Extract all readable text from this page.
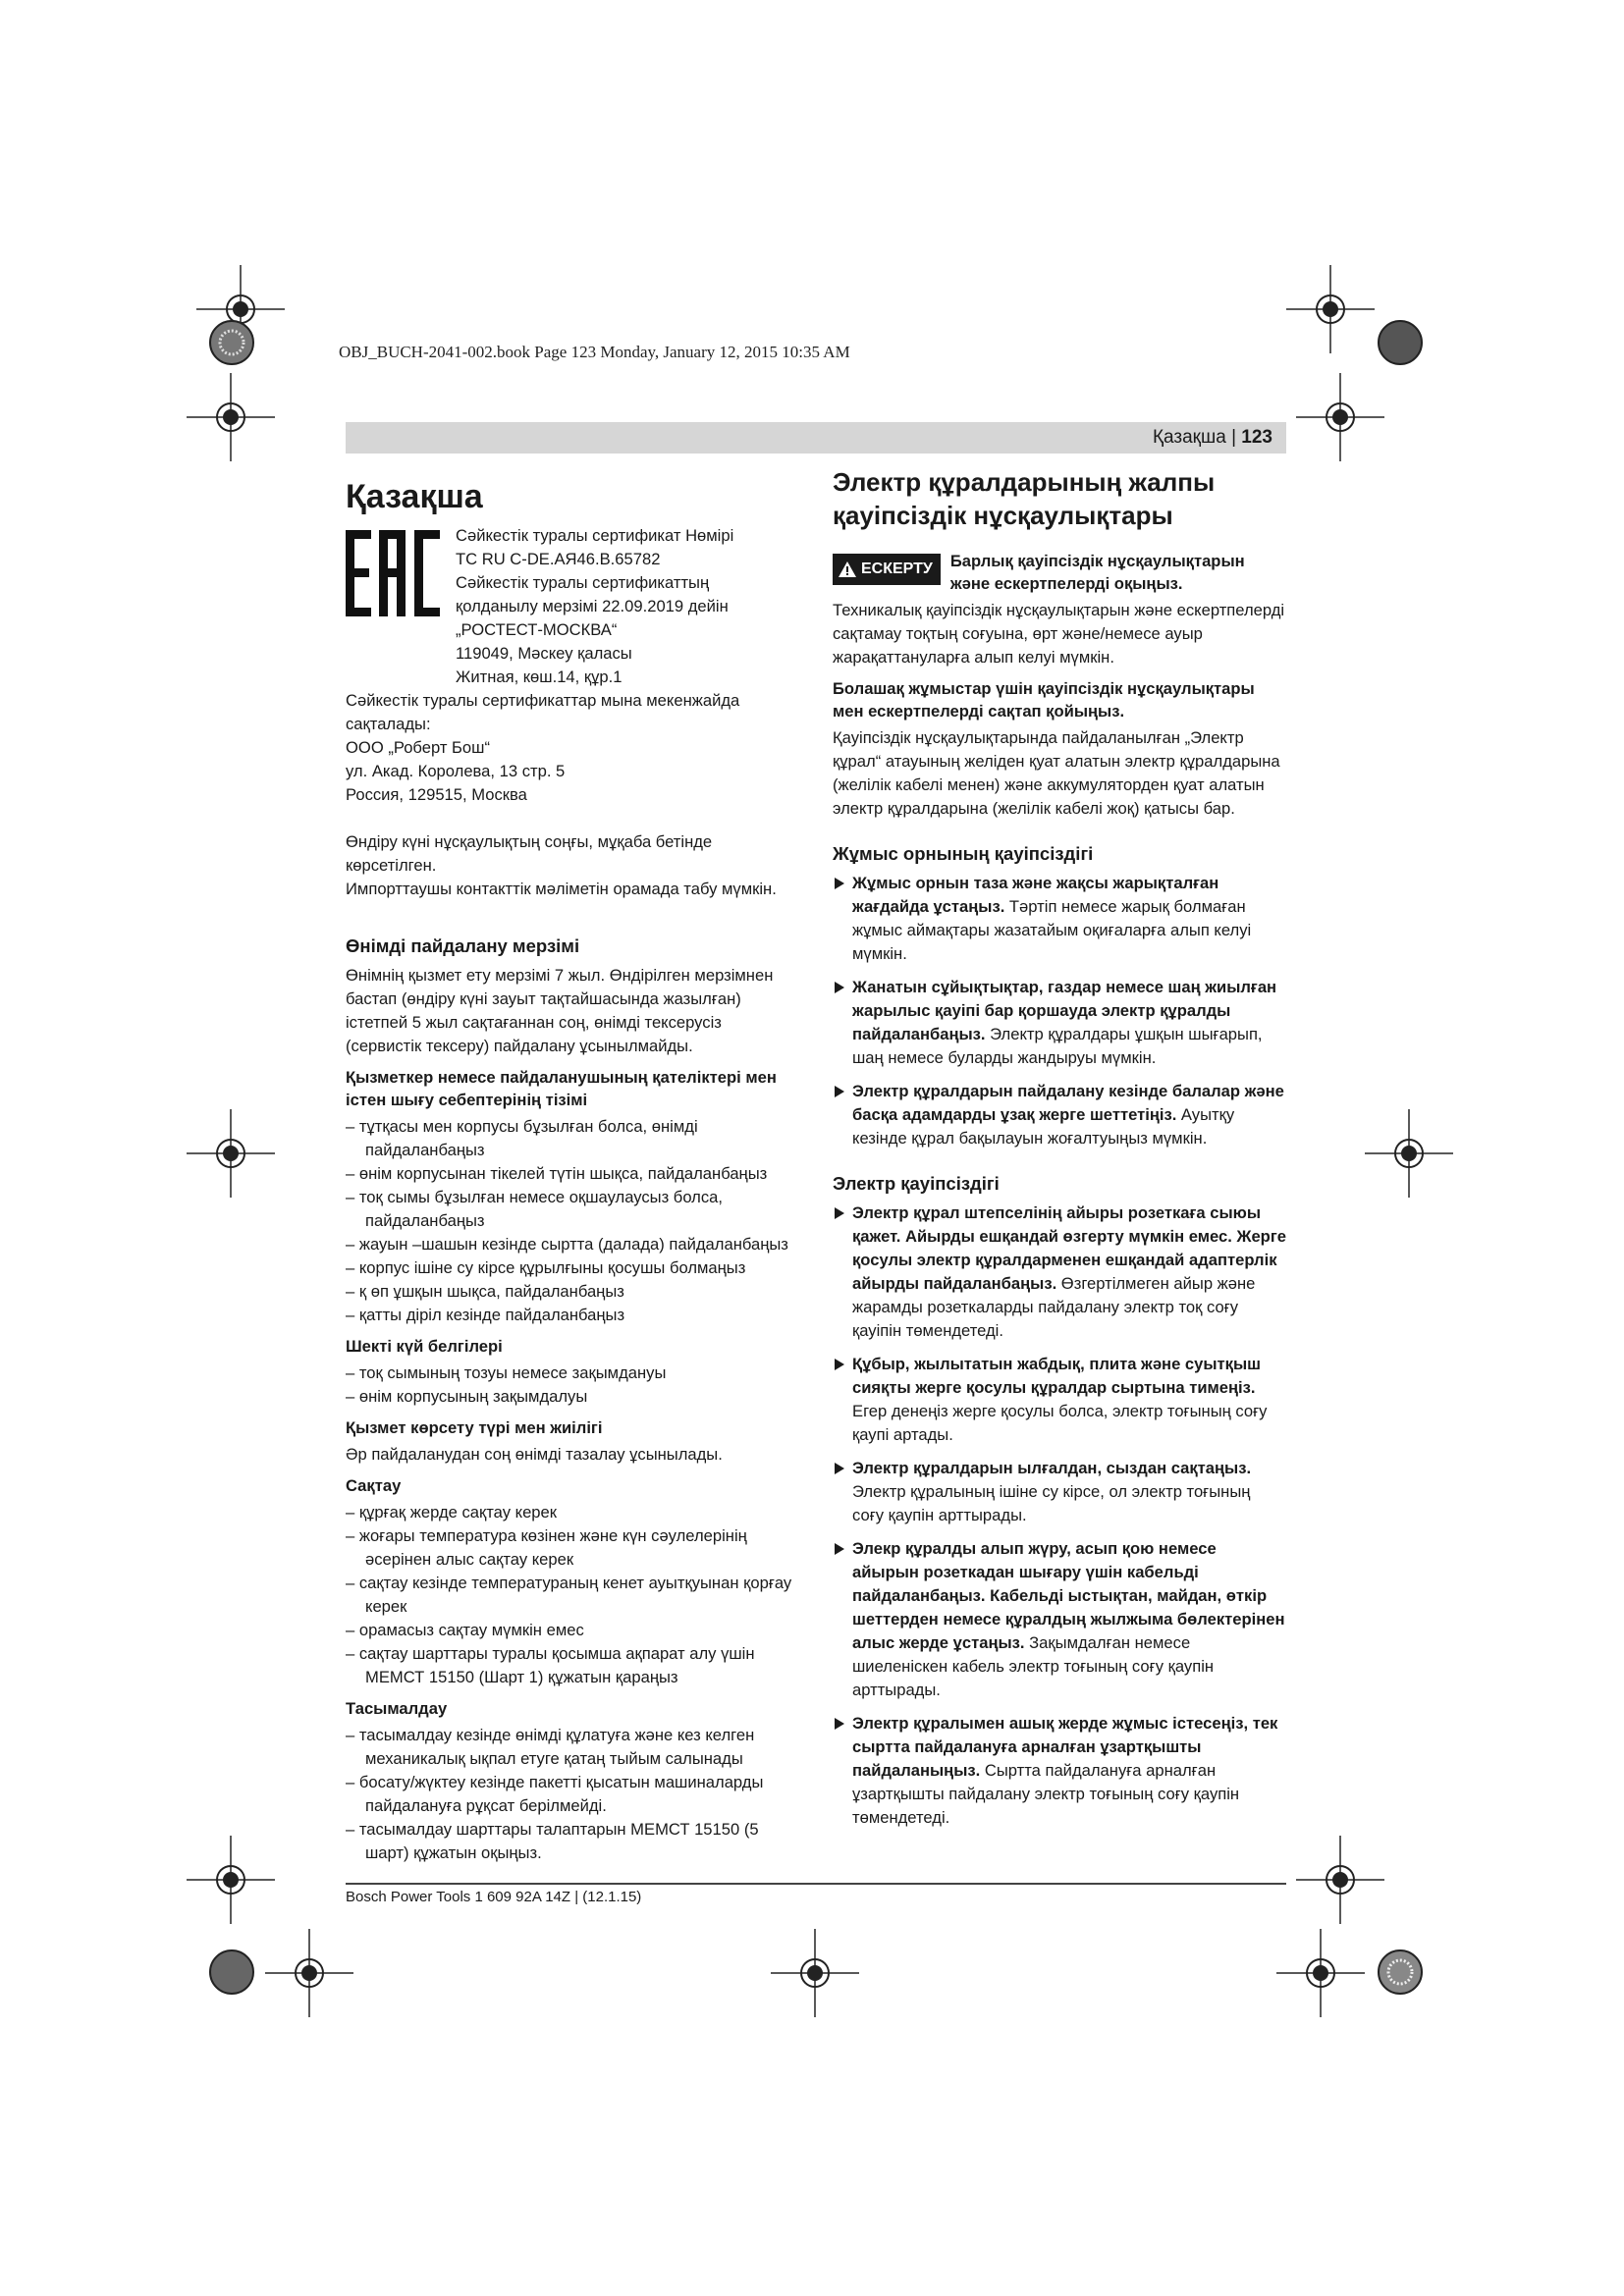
OBJ_BUCH-2041-002.book Page 123 Monday, January 12, 2015 10:35 AM
Қазақша | 123
Қазақша
Сәйкестік туралы сертификат Нөмірі
TC RU C-DE.АЯ46.В.65782
Сәйкестік туралы сертификаттың қолданылу мерзімі 22.09.2019 дейін
„РОСТЕСТ-МОСКВА“
119049, Мәскеу қаласы
Житная, көш.14, құр.1
Сәйкестік туралы сертификаттар мына мекенжайда сақталады:
ООО „Роберт Бош“
ул. Акад. Королева, 13 стр. 5
Россия, 129515, Москва
Өндіру күні нұсқаулықтың соңғы, мұқаба бетінде көрсетілген.
Импорттаушы контакттік мәліметін орамада табу мүмкін.
Өнімді пайдалану мерзімі

Өнімнің қызмет ету мерзімі 7 жыл. Өндірілген мерзімнен бастап (өндіру күні зауыт тақтайшасында жазылған) істетпей 5 жыл сақтағаннан соң, өнімді тексерусіз (сервистік тексеру) пайдалану ұсынылмайды.

Қызметкер немесе пайдаланушының қателіктері мен істен шығу себептерінің тізімі
– тұтқасы мен корпусы бұзылған болса, өнімді пайдаланбаңыз
– өнім корпусынан тікелей түтін шықса, пайдаланбаңыз
– тоқ сымы бұзылған немесе оқшаулаусыз болса, пайдаланбаңыз
– жауын –шашын кезінде сыртта (далада) пайдаланбаңыз
– корпус ішіне су кірсе құрылғыны қосушы болмаңыз
– қ өп ұшқын шықса, пайдаланбаңыз
– қатты діріл кезінде пайдаланбаңыз
Шекті күй белгілері
– тоқ сымының тозуы немесе зақымдануы
– өнім корпусының зақымдалуы
Қызмет көрсету түрі мен жиілігі

Әр пайдаланудан соң өнімді тазалау ұсынылады.

Сақтау
– құрғақ жерде сақтау керек
– жоғары температура көзінен және күн сәулелерінің әсерінен алыс сақтау керек
– сақтау кезінде температураның кенет ауытқуынан қорғау керек
– орамасыз сақтау мүмкін емес
– сақтау шарттары туралы қосымша ақпарат алу үшін МЕМСТ 15150 (Шарт 1) құжатын қараңыз
Тасымалдау
– тасымалдау кезінде өнімді құлатуға және кез келген механикалық ықпал етуге қатаң тыйым салынады
– босату/жүктеу кезінде пакетті қысатын машиналарды пайдалануға рұқсат берілмейді.
– тасымалдау шарттары талаптарын МЕМСТ 15150 (5 шарт) құжатын оқыңыз.
Электр құралдарының жалпы қауіпсіздік нұсқаулықтары
ЕСКЕРТУ Барлық қауіпсіздік нұсқаулықтарын және ескертпелерді оқыңыз.

Техникалық қауіпсіздік нұсқаулықтарын және ескертпелерді сақтамау тоқтың соғуына, өрт және/немесе ауыр жарақаттануларға алып келуі мүмкін.

Болашақ жұмыстар үшін қауіпсіздік нұсқаулықтары мен ескертпелерді сақтап қойыңыз.

Қауіпсіздік нұсқаулықтарында пайдаланылған „Электр құрал“ атауының желіден қуат алатын электр құралдарына (желілік кабелі менен) және аккумуляторден қуат алатын электр құралдарына (желілік кабелі жоқ) қатысы бар.

Жұмыс орнының қауіпсіздігі
Жұмыс орнын таза және жақсы жарықталған жағдайда ұстаңыз. Тәртіп немесе жарық болмаған жұмыс аймақтары жазатайым оқиғаларға алып келуі мүмкін.
Жанатын сұйықтықтар, газдар немесе шаң жиылған жарылыс қауіпі бар қоршауда электр құралды пайдаланбаңыз. Электр құралдары ұшқын шығарып, шаң немесе буларды жандыруы мүмкін.
Электр құралдарын пайдалану кезінде балалар және басқа адамдарды ұзақ жерге шеттетіңіз. Ауытқу кезінде құрал бақылауын жоғалтуыңыз мүмкін.
Электр қауіпсіздігі
Электр құрал штепселінің айыры розеткаға сыюы қажет. Айырды ешқандай өзгерту мүмкін емес. Жерге қосулы электр құралдарменен ешқандай адаптерлік айырды пайдаланбаңыз. Өзгертілмеген айыр және жарамды розеткаларды пайдалану электр тоқ соғу қауіпін төмендетеді.
Құбыр, жылытатын жабдық, плита және суытқыш сияқты жерге қосулы құралдар сыртына тимеңіз. Егер денеңіз жерге қосулы болса, электр тоғының соғу қаупі артады.
Электр құралдарын ылғалдан, сыздан сақтаңыз. Электр құралының ішіне су кірсе, ол электр тоғының соғу қаупін арттырады.
Элекр құралды алып жүру, асып қою немесе айырын розеткадан шығару үшін кабельді пайдаланбаңыз. Кабельді ыстықтан, майдан, өткір шеттерден немесе құралдың жылжыма бөлектерінен алыс жерде ұстаңыз. Зақымдалған немесе шиеленіскен кабель электр тоғының соғу қаупін арттырады.
Электр құралымен ашық жерде жұмыс істесеңіз, тек сыртта пайдалануға арналған ұзартқышты пайдаланыңыз. Сыртта пайдалануға арналған ұзартқышты пайдалану электр тоғының соғу қаупін төмендетеді.
Bosch Power Tools 1 609 92A 14Z | (12.1.15)
